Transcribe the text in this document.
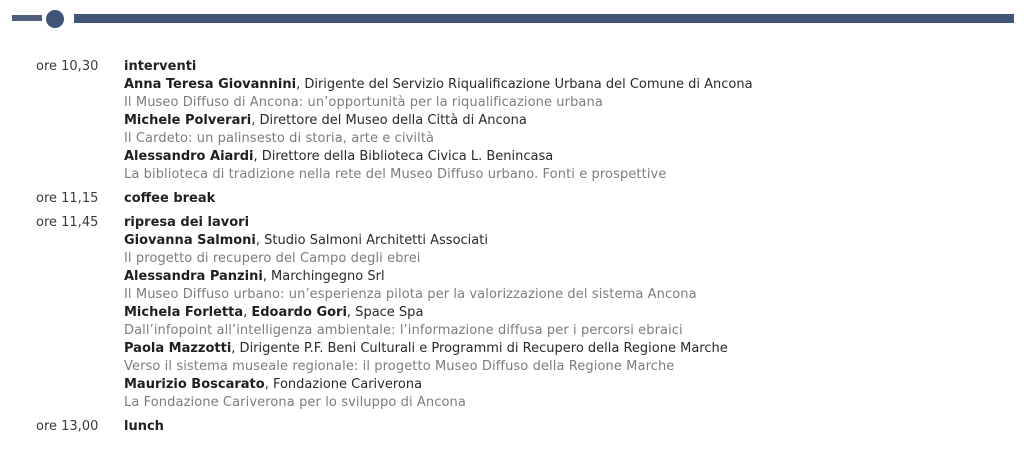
ore 10,30	interventi
Anna Teresa Giovannini, Dirigente del Servizio Riqualificazione Urbana del Comune di Ancona
Il Museo Diffuso di Ancona: un’opportunità per la riqualificazione urbana
Michele Polverari, Direttore del Museo della Città di Ancona
Il Cardeto: un palinsesto di storia, arte e civiltà
Alessandro Aiardi, Direttore della Biblioteca Civica L. Benincasa
La biblioteca di tradizione nella rete del Museo Diffuso urbano. Fonti e prospettive
ore 11,15	coffee break
ore 11,45	ripresa dei lavori
Giovanna Salmoni, Studio Salmoni Architetti Associati
Il progetto di recupero del Campo degli ebrei
Alessandra Panzini, Marchingegno Srl
Il Museo Diffuso urbano: un’esperienza pilota per la valorizzazione del sistema Ancona
Michela Forletta, Edoardo Gori, Space Spa
Dall’infopoint all’intelligenza ambientale: l’informazione diffusa per i percorsi ebraici
Paola Mazzotti, Dirigente P.F. Beni Culturali e Programmi di Recupero della Regione Marche
Verso il sistema museale regionale: il progetto Museo Diffuso della Regione Marche
Maurizio Boscarato, Fondazione Cariverona
La Fondazione Cariverona per lo sviluppo di Ancona
ore 13,00	lunch
